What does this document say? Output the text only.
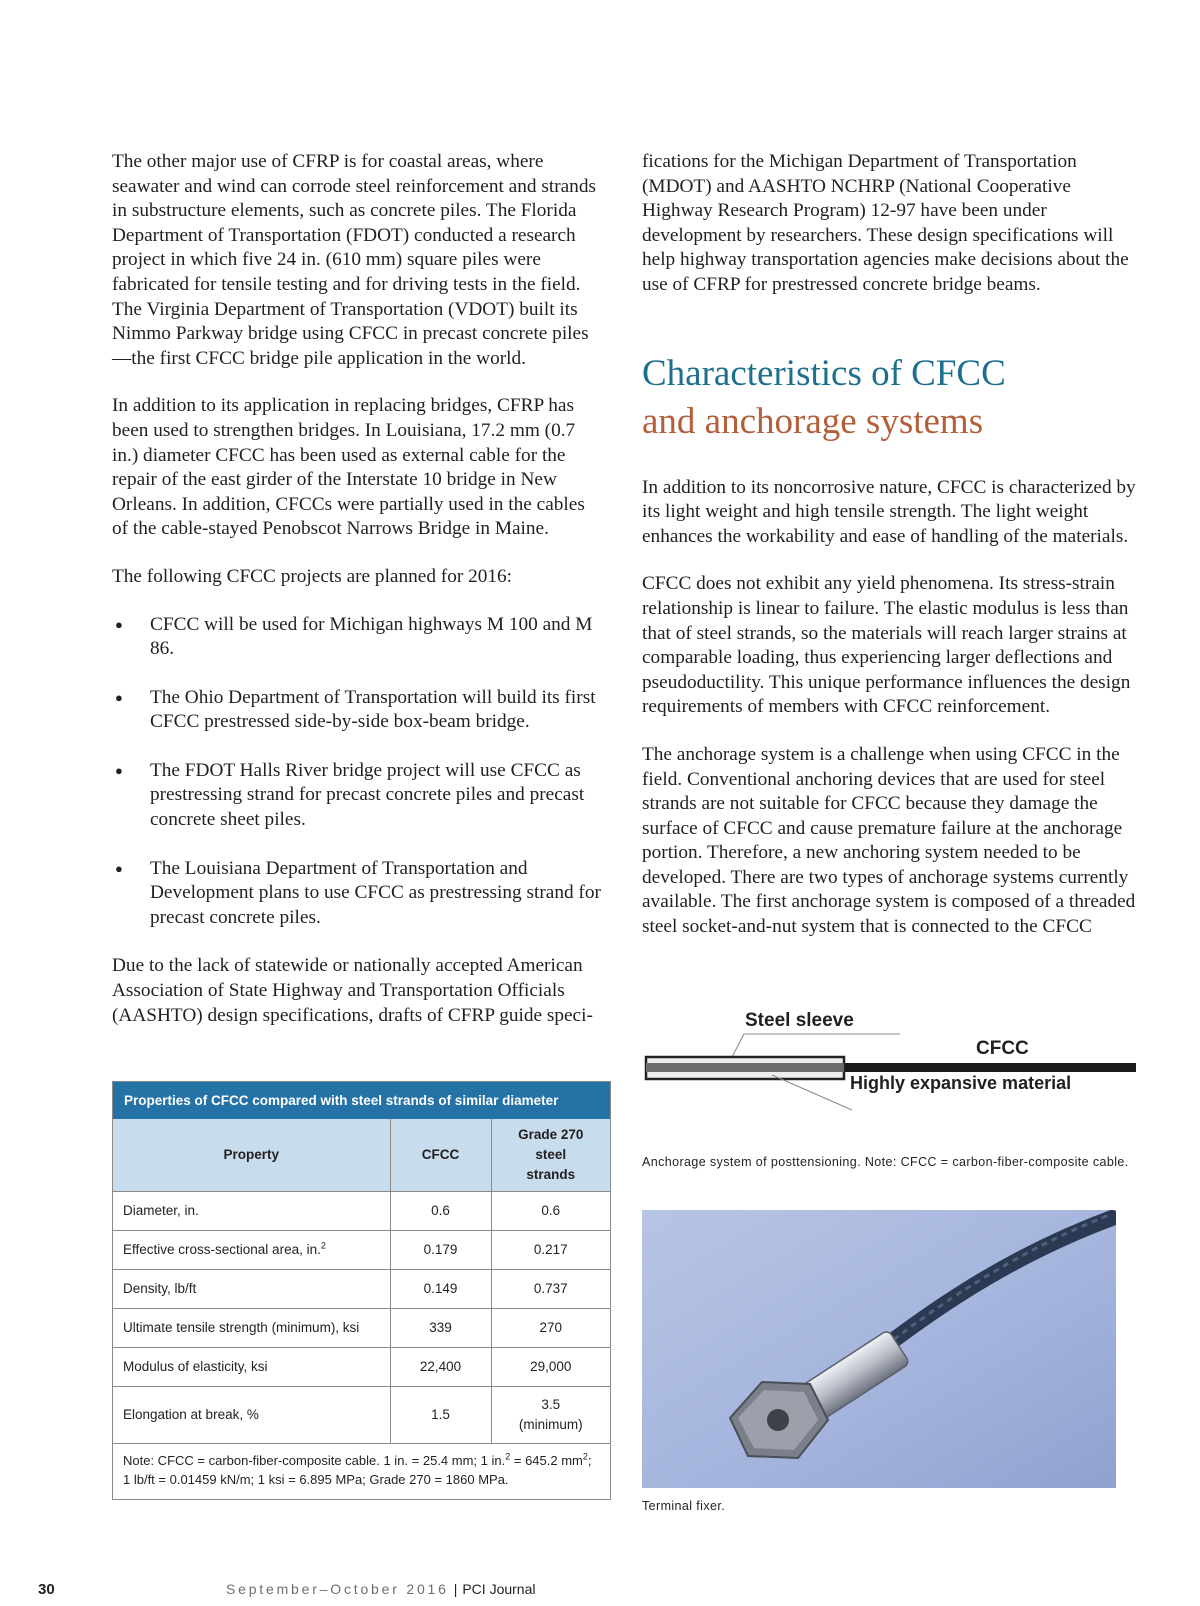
The other major use of CFRP is for coastal areas, where seawater and wind can corrode steel reinforcement and strands in substructure elements, such as concrete piles. The Florida Department of Transportation (FDOT) conducted a research project in which five 24 in. (610 mm) square piles were fabricated for tensile testing and for driving tests in the field. The Virginia Department of Transportation (VDOT) built its Nimmo Parkway bridge using CFCC in precast concrete piles—the first CFCC bridge pile application in the world.

In addition to its application in replacing bridges, CFRP has been used to strengthen bridges. In Louisiana, 17.2 mm (0.7 in.) diameter CFCC has been used as external cable for the repair of the east girder of the Interstate 10 bridge in New Orleans. In addition, CFCCs were partially used in the cables of the cable-stayed Penobscot Narrows Bridge in Maine.

The following CFCC projects are planned for 2016:

● CFCC will be used for Michigan highways M 100 and M 86.
● The Ohio Department of Transportation will build its first CFCC prestressed side-by-side box-beam bridge.
● The FDOT Halls River bridge project will use CFCC as prestressing strand for precast concrete piles and precast concrete sheet piles.
● The Louisiana Department of Transportation and Development plans to use CFCC as prestressing strand for precast concrete piles.

Due to the lack of statewide or nationally accepted American Association of State Highway and Transportation Officials (AASHTO) design specifications, drafts of CFRP guide speci-

fications for the Michigan Department of Transportation (MDOT) and AASHTO NCHRP (National Cooperative Highway Research Program) 12-97 have been under development by researchers. These design specifications will help highway transportation agencies make decisions about the use of CFRP for prestressed concrete bridge beams.

Characteristics of CFCC
and anchorage systems

In addition to its noncorrosive nature, CFCC is characterized by its light weight and high tensile strength. The light weight enhances the workability and ease of handling of the materials.

CFCC does not exhibit any yield phenomena. Its stress-strain relationship is linear to failure. The elastic modulus is less than that of steel strands, so the materials will reach larger strains at comparable loading, thus experiencing larger deflections and pseudoductility. This unique performance influences the design requirements of members with CFCC reinforcement.

The anchorage system is a challenge when using CFCC in the field. Conventional anchoring devices that are used for steel strands are not suitable for CFCC because they damage the surface of CFCC and cause premature failure at the anchorage portion. Therefore, a new anchoring system needed to be developed. There are two types of anchorage systems currently available. The first anchorage system is composed of a threaded steel socket-and-nut system that is connected to the CFCC

Properties of CFCC compared with steel strands of similar diameter
Property	CFCC	Grade 270
steel
strands
Diameter, in.	0.6	0.6
Effective cross-sectional area, in.$^2$	0.179	0.217
Density, lb/ft	0.149	0.737
Ultimate tensile strength (minimum), ksi	339	270
Modulus of elasticity, ksi	22,400	29,000
Elongation at break, %	1.5	3.5
(minimum)
Note: CFCC = carbon-fiber-composite cable. 1 in. = 25.4 mm; 1 in.$^2$ = 645.2 $mm^2$; 1 lb/ft = 0.01459 kN/m; 1 ksi = 6.895 MPa; Grade 270 = 1860 MPa.
Steel sleeve
CFCC
Highly expansive material
Anchorage system of posttensioning. Note: CFCC = carbon-fiber-composite cable.
Terminal fixer.
30	September–October 2016 | PCI Journal
